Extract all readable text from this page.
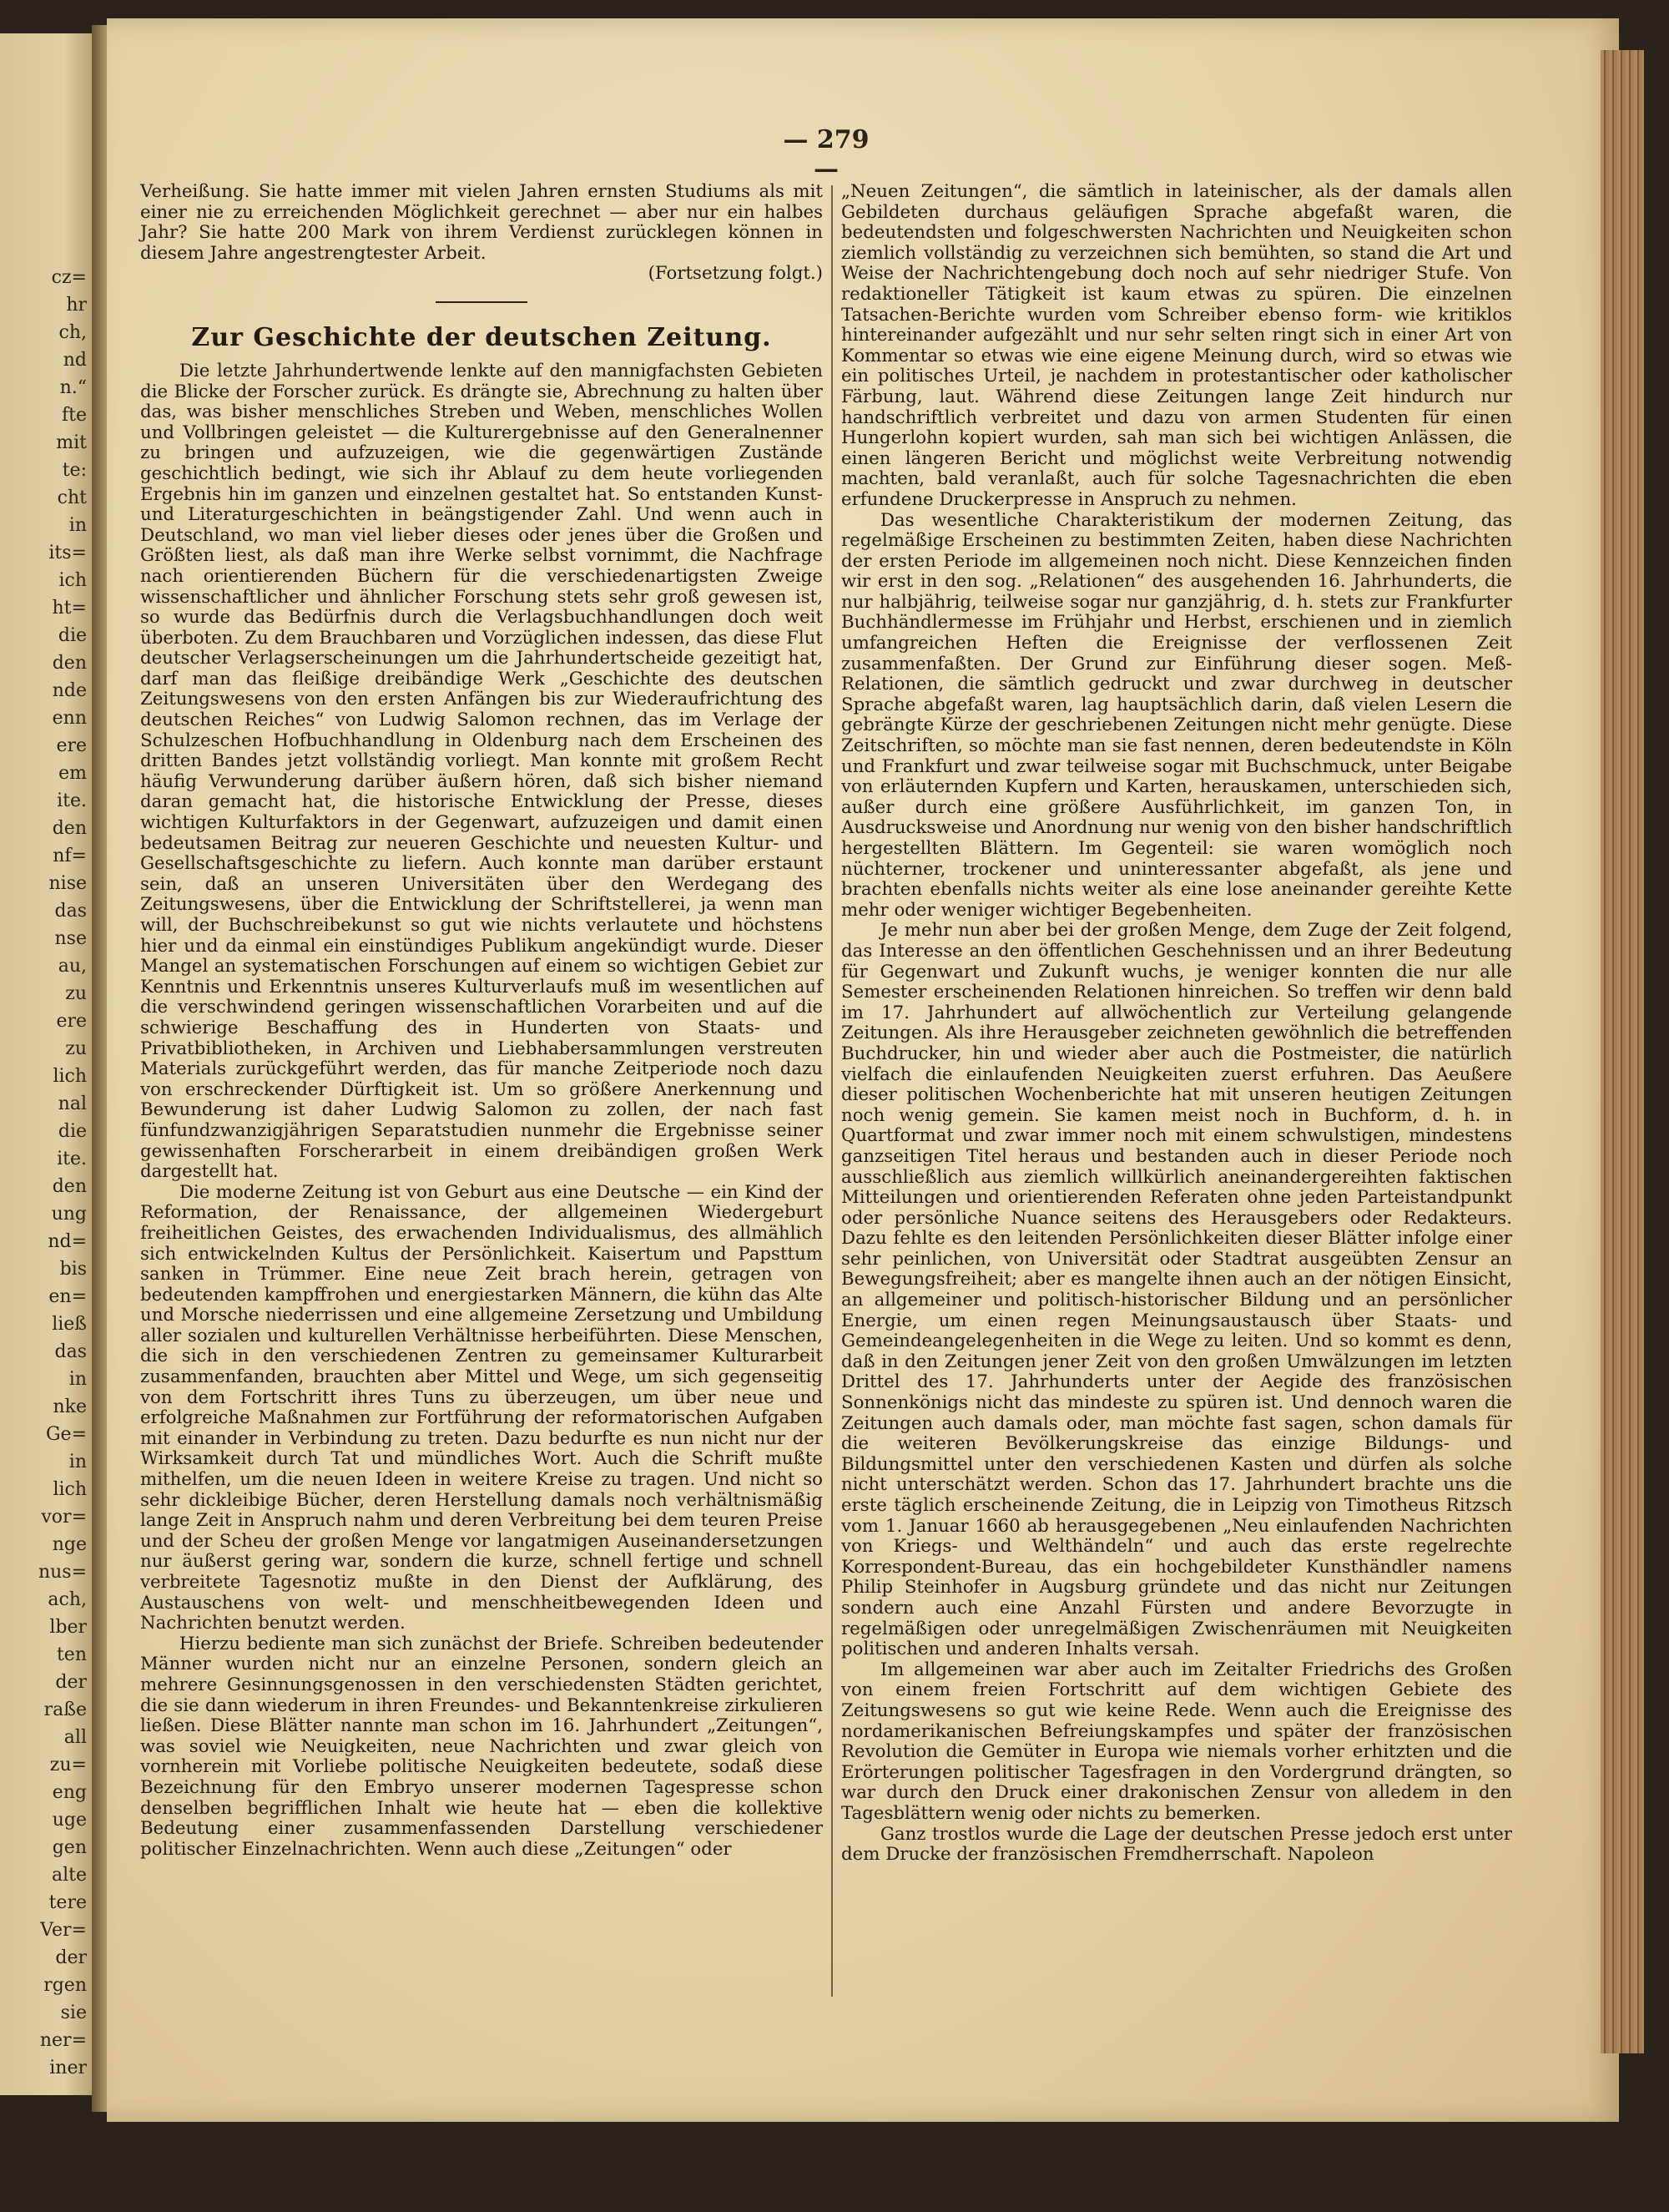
cz=
hr
ch,
nd
n.“
fte
mit
te:
cht
in
its=
ich
ht=
die
den
nde
enn
ere
em
ite.
den
nf=
nise
das
nse
au,
zu
ere
zu
lich
nal
die
ite.
den
ung
nd=
bis
en=
ließ
das
in
nke
Ge=
in
lich
vor=
nge
nus=
ach,
lber
ten
der
raße
all
zu=
eng
uge
gen
alte
tere
Ver=
der
rgen
sie
ner=
iner
— 279 —

Verheißung. Sie hatte immer mit vielen Jahren ernsten Studiums als mit einer nie zu erreichenden Möglichkeit gerechnet — aber nur ein halbes Jahr? Sie hatte 200 Mark von ihrem Verdienst zurücklegen können in diesem Jahre angestrengtester Arbeit.

(Fortsetzung folgt.)

Zur Geschichte der deutschen Zeitung.

Die letzte Jahrhundertwende lenkte auf den mannigfachsten Gebieten die Blicke der Forscher zurück. Es drängte sie, Abrechnung zu halten über das, was bisher menschliches Streben und Weben, menschliches Wollen und Vollbringen geleistet — die Kulturergebnisse auf den Generalnenner zu bringen und aufzuzeigen, wie die gegenwärtigen Zustände geschichtlich bedingt, wie sich ihr Ablauf zu dem heute vorliegenden Ergebnis hin im ganzen und einzelnen gestaltet hat. So entstanden Kunst- und Literaturgeschichten in beängstigender Zahl. Und wenn auch in Deutschland, wo man viel lieber dieses oder jenes über die Großen und Größten liest, als daß man ihre Werke selbst vornimmt, die Nachfrage nach orientierenden Büchern für die verschiedenartigsten Zweige wissenschaftlicher und ähnlicher Forschung stets sehr groß gewesen ist, so wurde das Bedürfnis durch die Verlagsbuchhandlungen doch weit überboten. Zu dem Brauchbaren und Vorzüglichen indessen, das diese Flut deutscher Verlagserscheinungen um die Jahrhundertscheide gezeitigt hat, darf man das fleißige dreibändige Werk „Geschichte des deutschen Zeitungswesens von den ersten Anfängen bis zur Wiederaufrichtung des deutschen Reiches“ von Ludwig Salomon rechnen, das im Verlage der Schulzeschen Hofbuchhandlung in Oldenburg nach dem Erscheinen des dritten Bandes jetzt vollständig vorliegt. Man konnte mit großem Recht häufig Verwunderung darüber äußern hören, daß sich bisher niemand daran gemacht hat, die historische Entwicklung der Presse, dieses wichtigen Kulturfaktors in der Gegenwart, aufzuzeigen und damit einen bedeutsamen Beitrag zur neueren Geschichte und neuesten Kultur- und Gesellschaftsgeschichte zu liefern. Auch konnte man darüber erstaunt sein, daß an unseren Universitäten über den Werdegang des Zeitungswesens, über die Entwicklung der Schriftstellerei, ja wenn man will, der Buchschreibekunst so gut wie nichts verlautete und höchstens hier und da einmal ein einstündiges Publikum angekündigt wurde. Dieser Mangel an systematischen Forschungen auf einem so wichtigen Gebiet zur Kenntnis und Erkenntnis unseres Kulturverlaufs muß im wesentlichen auf die verschwindend geringen wissenschaftlichen Vorarbeiten und auf die schwierige Beschaffung des in Hunderten von Staats- und Privatbibliotheken, in Archiven und Liebhabersammlungen verstreuten Materials zurückgeführt werden, das für manche Zeitperiode noch dazu von erschreckender Dürftigkeit ist. Um so größere Anerkennung und Bewunderung ist daher Ludwig Salomon zu zollen, der nach fast fünfundzwanzigjährigen Separatstudien nunmehr die Ergebnisse seiner gewissenhaften Forscherarbeit in einem dreibändigen großen Werk dargestellt hat.

Die moderne Zeitung ist von Geburt aus eine Deutsche — ein Kind der Reformation, der Renaissance, der allgemeinen Wiedergeburt freiheitlichen Geistes, des erwachenden Individualismus, des allmählich sich entwickelnden Kultus der Persönlichkeit. Kaisertum und Papsttum sanken in Trümmer. Eine neue Zeit brach herein, getragen von bedeutenden kampffrohen und energiestarken Männern, die kühn das Alte und Morsche niederrissen und eine allgemeine Zersetzung und Umbildung aller sozialen und kulturellen Verhältnisse herbeiführten. Diese Menschen, die sich in den verschiedenen Zentren zu gemeinsamer Kulturarbeit zusammenfanden, brauchten aber Mittel und Wege, um sich gegenseitig von dem Fortschritt ihres Tuns zu überzeugen, um über neue und erfolgreiche Maßnahmen zur Fortführung der reformatorischen Aufgaben mit einander in Verbindung zu treten. Dazu bedurfte es nun nicht nur der Wirksamkeit durch Tat und mündliches Wort. Auch die Schrift mußte mithelfen, um die neuen Ideen in weitere Kreise zu tragen. Und nicht so sehr dickleibige Bücher, deren Herstellung damals noch verhältnismäßig lange Zeit in Anspruch nahm und deren Verbreitung bei dem teuren Preise und der Scheu der großen Menge vor langatmigen Auseinandersetzungen nur äußerst gering war, sondern die kurze, schnell fertige und schnell verbreitete Tagesnotiz mußte in den Dienst der Aufklärung, des Austauschens von welt- und menschheitbewegenden Ideen und Nachrichten benutzt werden.

Hierzu bediente man sich zunächst der Briefe. Schreiben bedeutender Männer wurden nicht nur an einzelne Personen, sondern gleich an mehrere Gesinnungsgenossen in den verschiedensten Städten gerichtet, die sie dann wiederum in ihren Freundes- und Bekanntenkreise zirkulieren ließen. Diese Blätter nannte man schon im 16. Jahrhundert „Zeitungen“, was soviel wie Neuigkeiten, neue Nachrichten und zwar gleich von vornherein mit Vorliebe politische Neuigkeiten bedeutete, sodaß diese Bezeichnung für den Embryo unserer modernen Tagespresse schon denselben begrifflichen Inhalt wie heute hat — eben die kollektive Bedeutung einer zusammenfassenden Darstellung verschiedener politischer Einzelnachrichten. Wenn auch diese „Zeitungen“ oder

„Neuen Zeitungen“, die sämtlich in lateinischer, als der damals allen Gebildeten durchaus geläufigen Sprache abgefaßt waren, die bedeutendsten und folgeschwersten Nachrichten und Neuigkeiten schon ziemlich vollständig zu verzeichnen sich bemühten, so stand die Art und Weise der Nachrichtengebung doch noch auf sehr niedriger Stufe. Von redaktioneller Tätigkeit ist kaum etwas zu spüren. Die einzelnen Tatsachen-Berichte wurden vom Schreiber ebenso form- wie kritiklos hintereinander aufgezählt und nur sehr selten ringt sich in einer Art von Kommentar so etwas wie eine eigene Meinung durch, wird so etwas wie ein politisches Urteil, je nachdem in protestantischer oder katholischer Färbung, laut. Während diese Zeitungen lange Zeit hindurch nur handschriftlich verbreitet und dazu von armen Studenten für einen Hungerlohn kopiert wurden, sah man sich bei wichtigen Anlässen, die einen längeren Bericht und möglichst weite Verbreitung notwendig machten, bald veranlaßt, auch für solche Tagesnachrichten die eben erfundene Druckerpresse in Anspruch zu nehmen.

Das wesentliche Charakteristikum der modernen Zeitung, das regelmäßige Erscheinen zu bestimmten Zeiten, haben diese Nachrichten der ersten Periode im allgemeinen noch nicht. Diese Kennzeichen finden wir erst in den sog. „Relationen“ des ausgehenden 16. Jahrhunderts, die nur halbjährig, teilweise sogar nur ganzjährig, d. h. stets zur Frankfurter Buchhändlermesse im Frühjahr und Herbst, erschienen und in ziemlich umfangreichen Heften die Ereignisse der verflossenen Zeit zusammenfaßten. Der Grund zur Einführung dieser sogen. Meß-Relationen, die sämtlich gedruckt und zwar durchweg in deutscher Sprache abgefaßt waren, lag hauptsächlich darin, daß vielen Lesern die gebrängte Kürze der geschriebenen Zeitungen nicht mehr genügte. Diese Zeitschriften, so möchte man sie fast nennen, deren bedeutendste in Köln und Frankfurt und zwar teilweise sogar mit Buchschmuck, unter Beigabe von erläuternden Kupfern und Karten, herauskamen, unterschieden sich, außer durch eine größere Ausführlichkeit, im ganzen Ton, in Ausdrucksweise und Anordnung nur wenig von den bisher handschriftlich hergestellten Blättern. Im Gegenteil: sie waren womöglich noch nüchterner, trockener und uninteressanter abgefaßt, als jene und brachten ebenfalls nichts weiter als eine lose aneinander gereihte Kette mehr oder weniger wichtiger Begebenheiten.

Je mehr nun aber bei der großen Menge, dem Zuge der Zeit folgend, das Interesse an den öffentlichen Geschehnissen und an ihrer Bedeutung für Gegenwart und Zukunft wuchs, je weniger konnten die nur alle Semester erscheinenden Relationen hinreichen. So treffen wir denn bald im 17. Jahrhundert auf allwöchentlich zur Verteilung gelangende Zeitungen. Als ihre Herausgeber zeichneten gewöhnlich die betreffenden Buchdrucker, hin und wieder aber auch die Postmeister, die natürlich vielfach die einlaufenden Neuigkeiten zuerst erfuhren. Das Aeußere dieser politischen Wochenberichte hat mit unseren heutigen Zeitungen noch wenig gemein. Sie kamen meist noch in Buchform, d. h. in Quartformat und zwar immer noch mit einem schwulstigen, mindestens ganzseitigen Titel heraus und bestanden auch in dieser Periode noch ausschließlich aus ziemlich willkürlich aneinandergereihten faktischen Mitteilungen und orientierenden Referaten ohne jeden Parteistandpunkt oder persönliche Nuance seitens des Herausgebers oder Redakteurs. Dazu fehlte es den leitenden Persönlichkeiten dieser Blätter infolge einer sehr peinlichen, von Universität oder Stadtrat ausgeübten Zensur an Bewegungsfreiheit; aber es mangelte ihnen auch an der nötigen Einsicht, an allgemeiner und politisch-historischer Bildung und an persönlicher Energie, um einen regen Meinungsaustausch über Staats- und Gemeindeangelegenheiten in die Wege zu leiten. Und so kommt es denn, daß in den Zeitungen jener Zeit von den großen Umwälzungen im letzten Drittel des 17. Jahrhunderts unter der Aegide des französischen Sonnenkönigs nicht das mindeste zu spüren ist. Und dennoch waren die Zeitungen auch damals oder, man möchte fast sagen, schon damals für die weiteren Bevölkerungskreise das einzige Bildungs- und Bildungsmittel unter den verschiedenen Kasten und dürfen als solche nicht unterschätzt werden. Schon das 17. Jahrhundert brachte uns die erste täglich erscheinende Zeitung, die in Leipzig von Timotheus Ritzsch vom 1. Januar 1660 ab herausgegebenen „Neu einlaufenden Nachrichten von Kriegs- und Welthändeln“ und auch das erste regelrechte Korrespondent-Bureau, das ein hochgebildeter Kunsthändler namens Philip Steinhofer in Augsburg gründete und das nicht nur Zeitungen sondern auch eine Anzahl Fürsten und andere Bevorzugte in regelmäßigen oder unregelmäßigen Zwischenräumen mit Neuigkeiten politischen und anderen Inhalts versah.

Im allgemeinen war aber auch im Zeitalter Friedrichs des Großen von einem freien Fortschritt auf dem wichtigen Gebiete des Zeitungswesens so gut wie keine Rede. Wenn auch die Ereignisse des nordamerikanischen Befreiungskampfes und später der französischen Revolution die Gemüter in Europa wie niemals vorher erhitzten und die Erörterungen politischer Tagesfragen in den Vordergrund drängten, so war durch den Druck einer drakonischen Zensur von alledem in den Tagesblättern wenig oder nichts zu bemerken.

Ganz trostlos wurde die Lage der deutschen Presse jedoch erst unter dem Drucke der französischen Fremdherrschaft. Napoleon
